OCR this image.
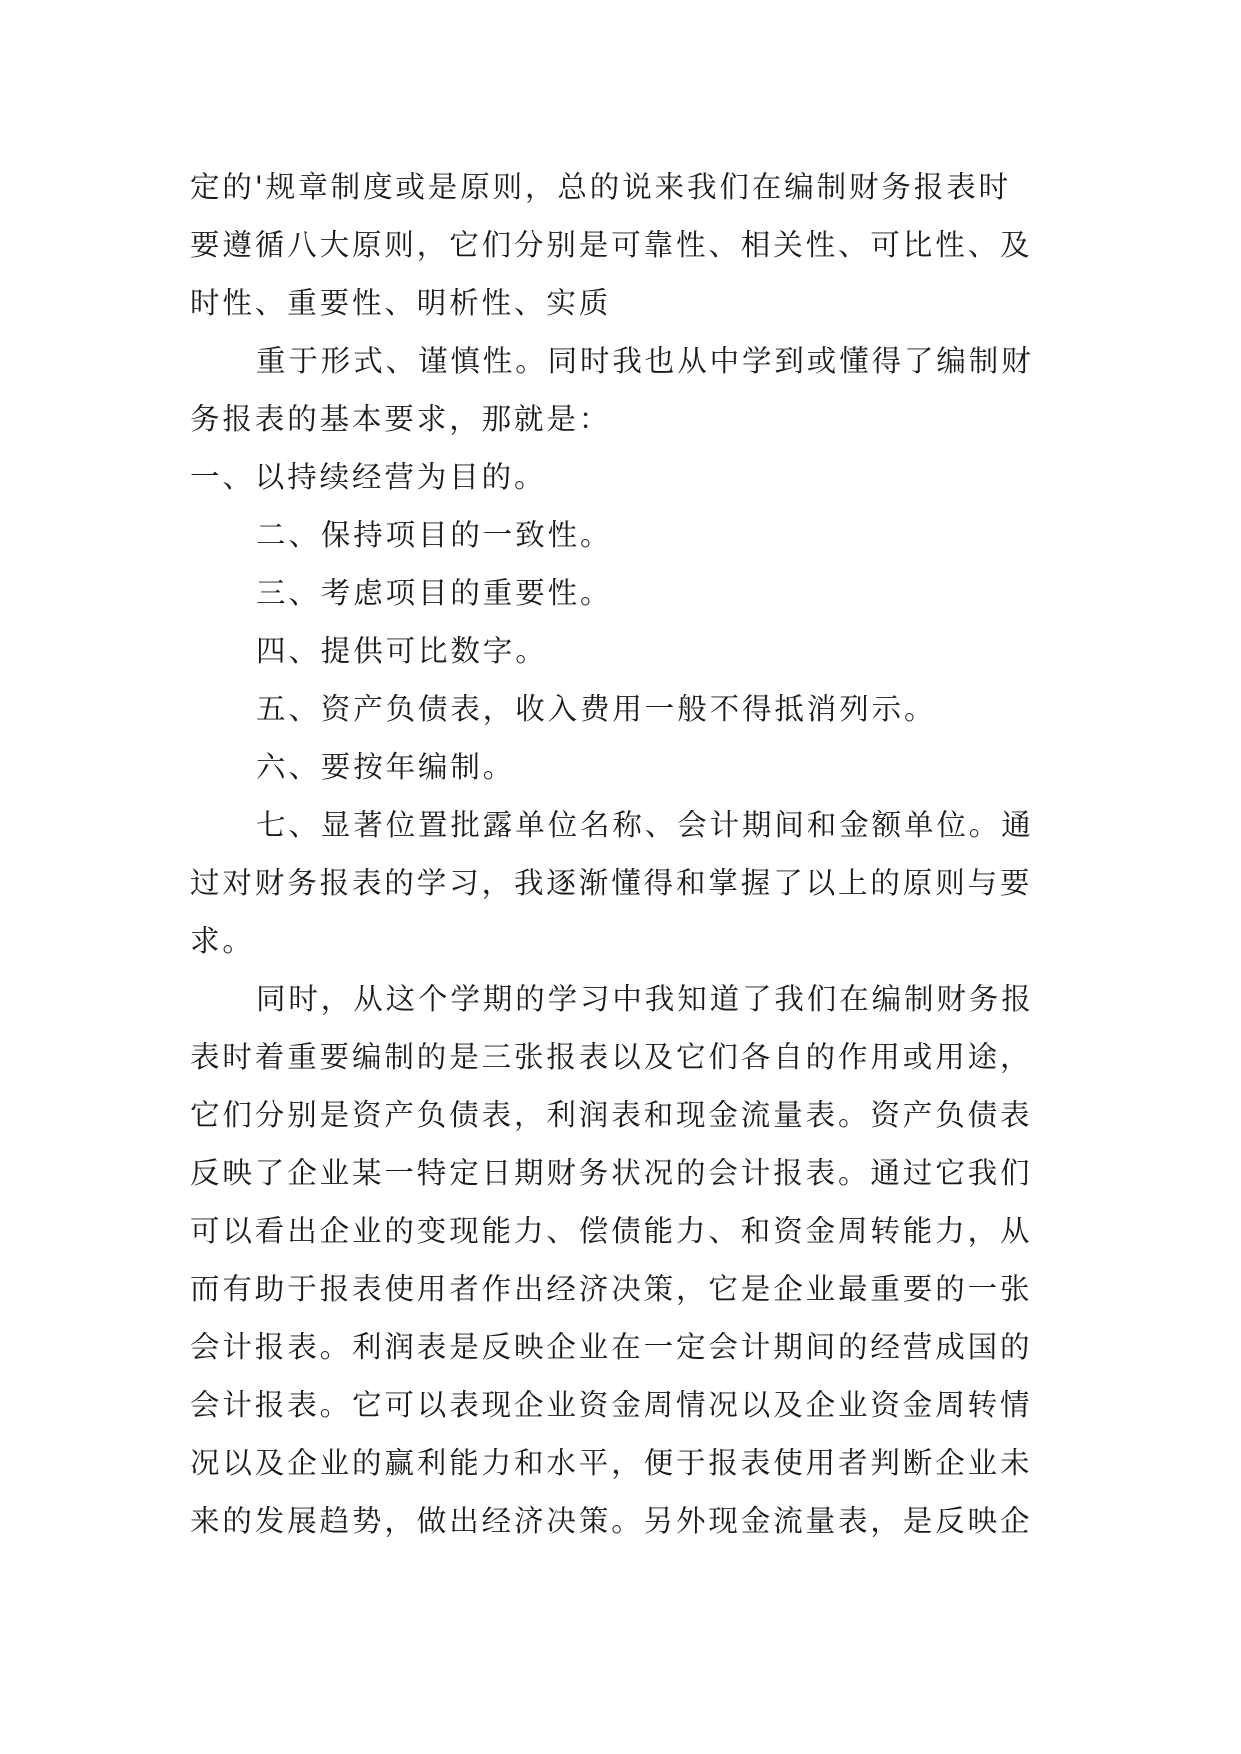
定的'规章制度或是原则，总的说来我们在编制财务报表时
要遵循八大原则，它们分别是可靠性、相关性、可比性、及
时性、重要性、明析性、实质
重于形式、谨慎性。同时我也从中学到或懂得了编制财
务报表的基本要求，那就是：
一、以持续经营为目的。
二、保持项目的一致性。
三、考虑项目的重要性。
四、提供可比数字。
五、资产负债表，收入费用一般不得抵消列示。
六、要按年编制。
七、显著位置批露单位名称、会计期间和金额单位。通
过对财务报表的学习，我逐渐懂得和掌握了以上的原则与要
求。
同时，从这个学期的学习中我知道了我们在编制财务报
表时着重要编制的是三张报表以及它们各自的作用或用途，
它们分别是资产负债表，利润表和现金流量表。资产负债表
反映了企业某一特定日期财务状况的会计报表。通过它我们
可以看出企业的变现能力、偿债能力、和资金周转能力，从
而有助于报表使用者作出经济决策，它是企业最重要的一张
会计报表。利润表是反映企业在一定会计期间的经营成国的
会计报表。它可以表现企业资金周情况以及企业资金周转情
况以及企业的赢利能力和水平，便于报表使用者判断企业未
来的发展趋势，做出经济决策。另外现金流量表，是反映企
